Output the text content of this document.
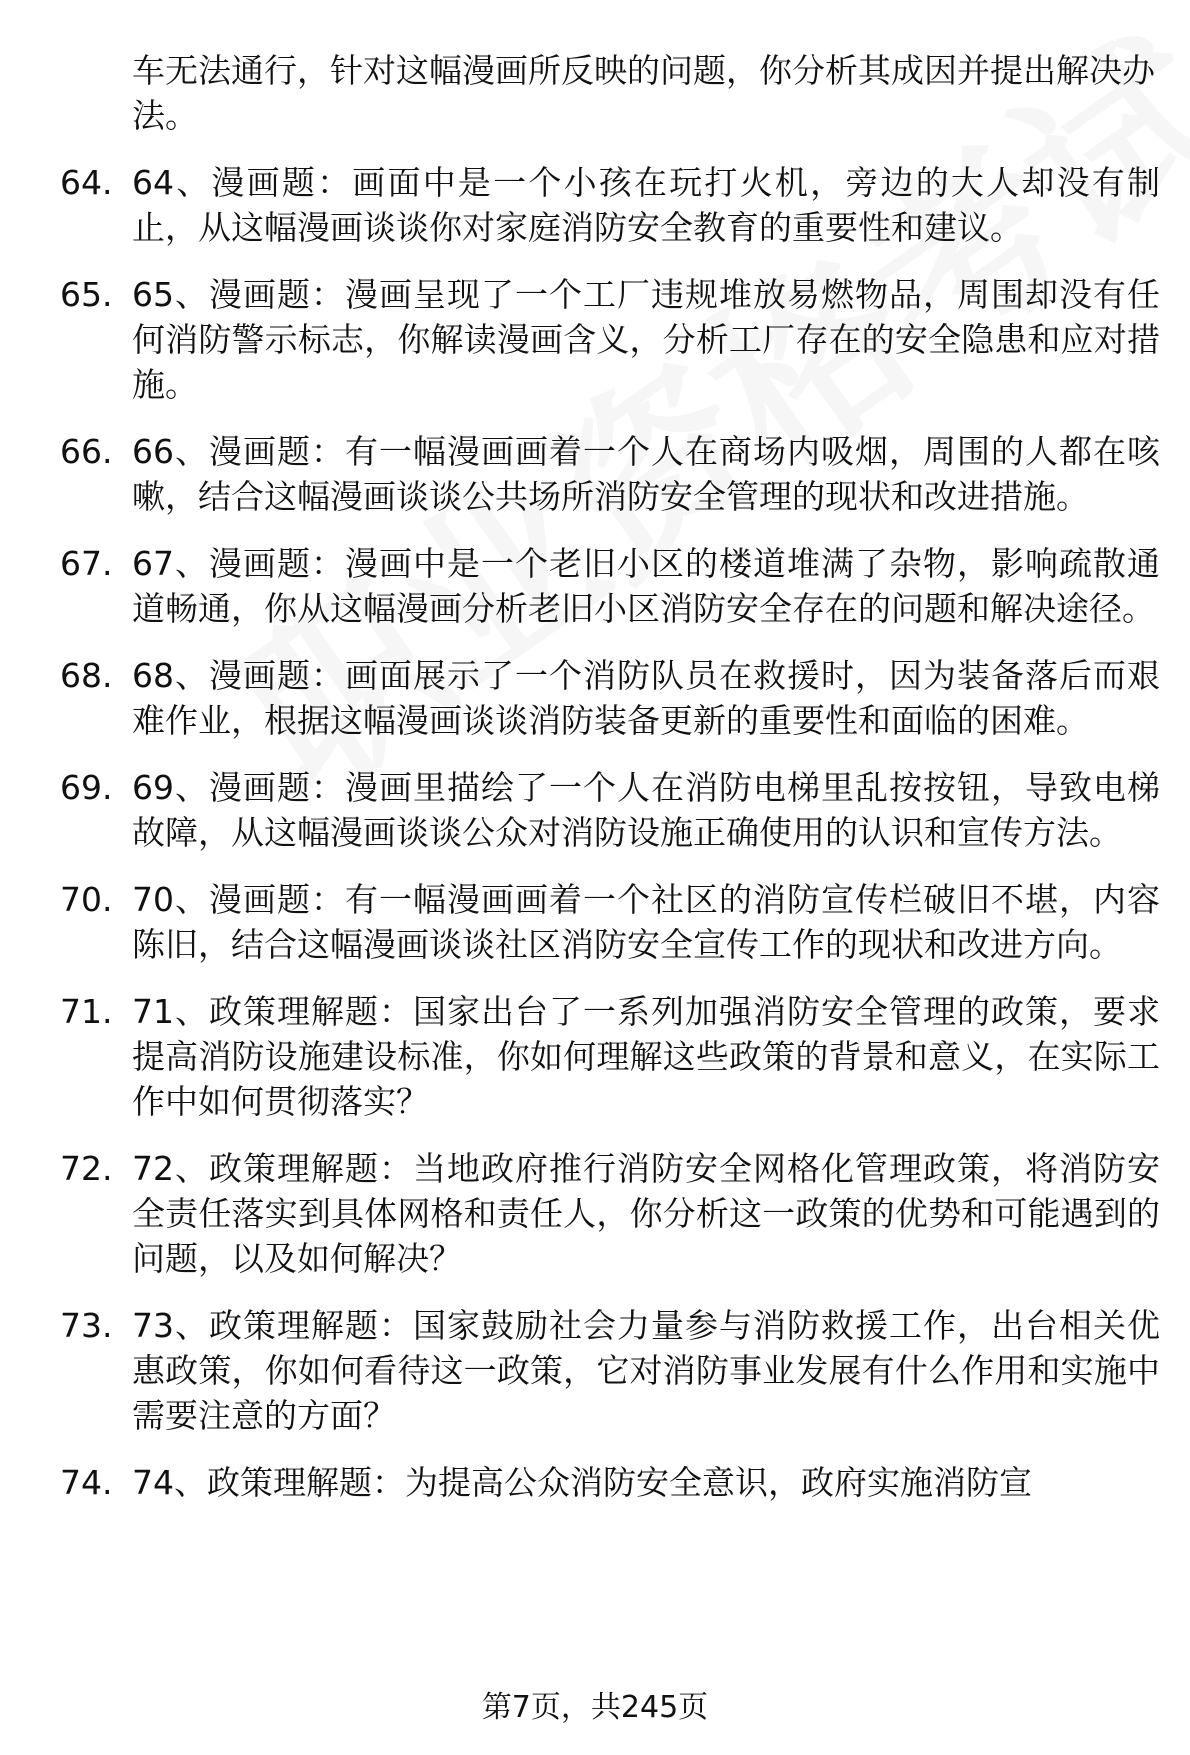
车无法通行，针对这幅漫画所反映的问题，你分析其成因并提出解决办法。
64. 64、漫画题：画面中是一个小孩在玩打火机，旁边的大人却没有制止，从这幅漫画谈谈你对家庭消防安全教育的重要性和建议。
65. 65、漫画题：漫画呈现了一个工厂违规堆放易燃物品，周围却没有任何消防警示标志，你解读漫画含义，分析工厂存在的安全隐患和应对措施。
66. 66、漫画题：有一幅漫画画着一个人在商场内吸烟，周围的人都在咳嗽，结合这幅漫画谈谈公共场所消防安全管理的现状和改进措施。
67. 67、漫画题：漫画中是一个老旧小区的楼道堆满了杂物，影响疏散通道畅通，你从这幅漫画分析老旧小区消防安全存在的问题和解决途径。
68. 68、漫画题：画面展示了一个消防队员在救援时，因为装备落后而艰难作业，根据这幅漫画谈谈消防装备更新的重要性和面临的困难。
69. 69、漫画题：漫画里描绘了一个人在消防电梯里乱按按钮，导致电梯故障，从这幅漫画谈谈公众对消防设施正确使用的认识和宣传方法。
70. 70、漫画题：有一幅漫画画着一个社区的消防宣传栏破旧不堪，内容陈旧，结合这幅漫画谈谈社区消防安全宣传工作的现状和改进方向。
71. 71、政策理解题：国家出台了一系列加强消防安全管理的政策，要求提高消防设施建设标准，你如何理解这些政策的背景和意义，在实际工作中如何贯彻落实？
72. 72、政策理解题：当地政府推行消防安全网格化管理政策，将消防安全责任落实到具体网格和责任人，你分析这一政策的优势和可能遇到的问题，以及如何解决？
73. 73、政策理解题：国家鼓励社会力量参与消防救援工作，出台相关优惠政策，你如何看待这一政策，它对消防事业发展有什么作用和实施中需要注意的方面？
74. 74、政策理解题：为提高公众消防安全意识，政府实施消防宣
第7页，共245页
